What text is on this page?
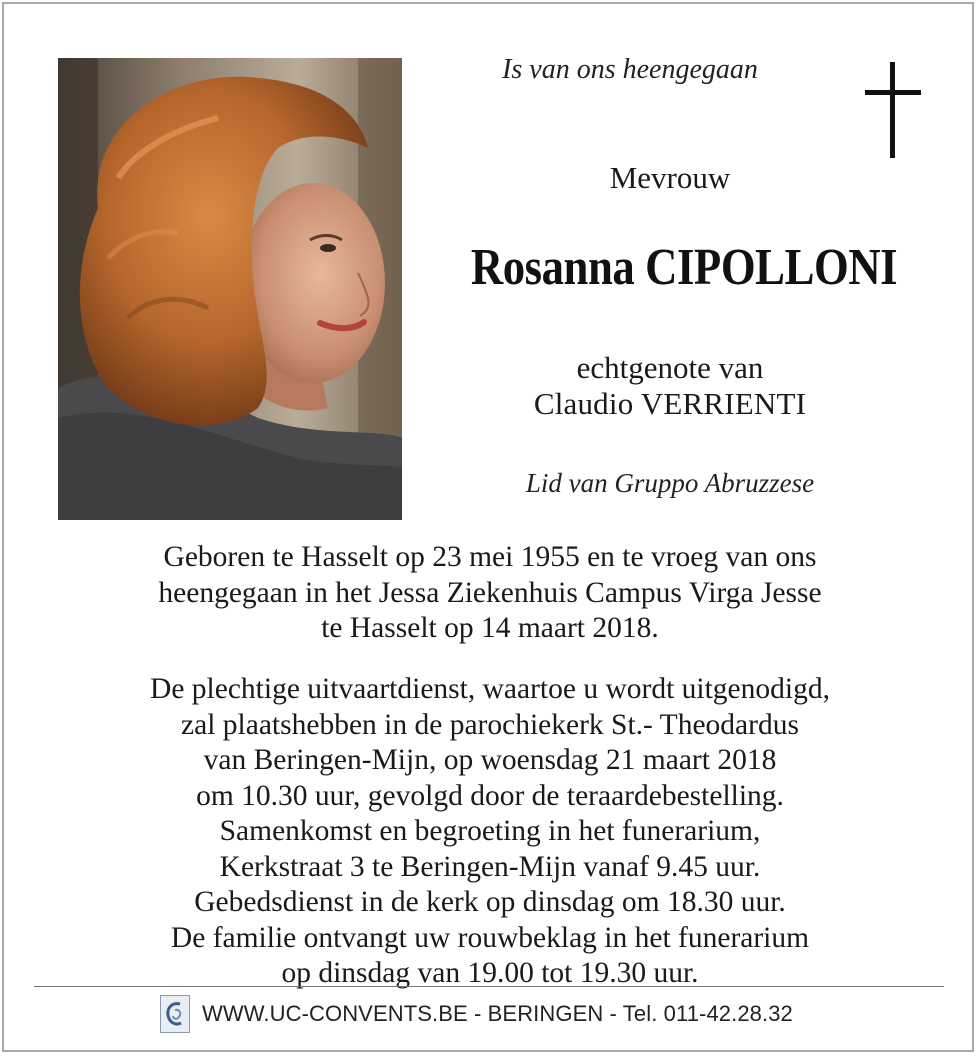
Is van ons heengegaan
Mevrouw
Rosanna CIPOLLONI
echtgenote van
Claudio VERRIENTI
Lid van Gruppo Abruzzese
Geboren te Hasselt op 23 mei 1955 en te vroeg van ons
heengegaan in het Jessa Ziekenhuis Campus Virga Jesse
te Hasselt op 14 maart 2018.
De plechtige uitvaartdienst, waartoe u wordt uitgenodigd,
zal plaatshebben in de parochiekerk St.- Theodardus
van Beringen-Mijn, op woensdag 21 maart 2018
om 10.30 uur, gevolgd door de teraardebestelling.
Samenkomst en begroeting in het funerarium,
Kerkstraat 3 te Beringen-Mijn vanaf 9.45 uur.
Gebedsdienst in de kerk op dinsdag om 18.30 uur.
De familie ontvangt uw rouwbeklag in het funerarium
op dinsdag van 19.00 tot 19.30 uur.
WWW.UC-CONVENTS.BE - BERINGEN - Tel. 011-42.28.32
